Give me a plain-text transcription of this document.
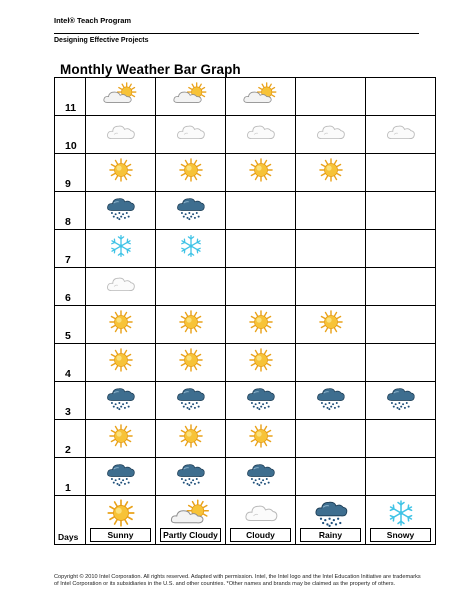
Intel® Teach Program
Designing Effective Projects
Monthly Weather Bar Graph
11	

10	

9	

8	

7	

6	

5	

4	

3	

2	

1	

Days	Sunny	Partly Cloudy	Cloudy	Rainy	Snowy
Copyright © 2010 Intel Corporation. All rights reserved. Adapted with permission. Intel, the Intel logo and the Intel Education Initiative are trademarks of Intel Corporation or its subsidiaries in the U.S. and other countries. *Other names and brands may be claimed as the property of others.
